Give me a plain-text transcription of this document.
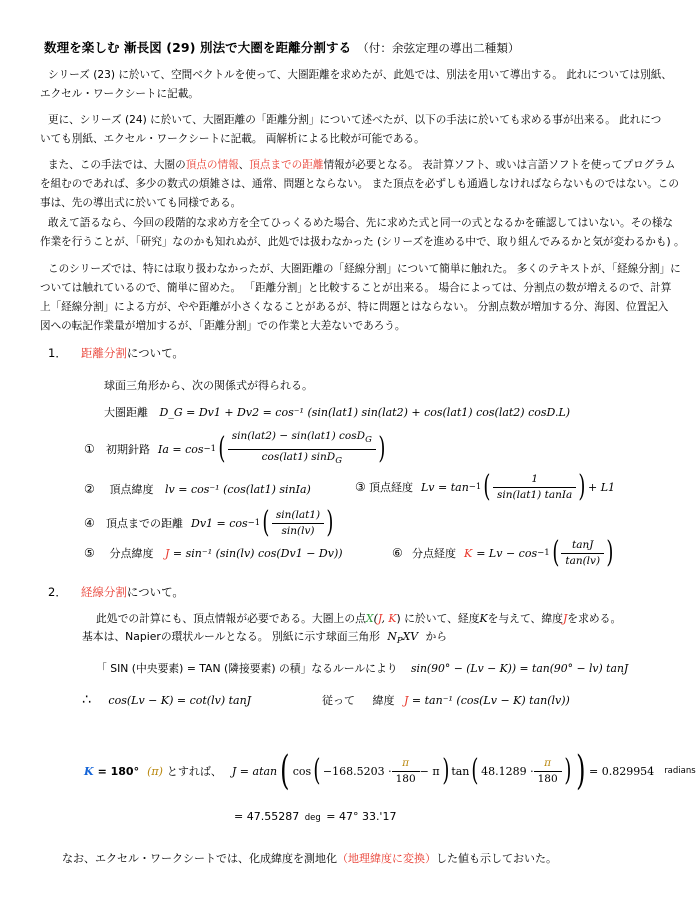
数理を楽しむ 漸長図 (29) 別法で大圏を距離分割する （付：余弦定理の導出二種類）
シリーズ (23) に於いて、空間ベクトルを使って、大圏距離を求めたが、此処では、別法を用いて導出する。 此れについては別紙、
エクセル・ワークシートに記載。
更に、シリーズ (24) に於いて、大圏距離の「距離分割」について述べたが、以下の手法に於いても求める事が出来る。 此れにつ
いても別紙、エクセル・ワークシートに記載。 両解析による比較が可能である。
また、この手法では、大圏の頂点の情報、頂点までの距離情報が必要となる。 表計算ソフト、或いは言語ソフトを使ってプログラム
を組むのであれば、多少の数式の煩雑さは、通常、問題とならない。 また頂点を必ずしも通過しなければならないものではない。この
事は、先の導出式に於いても同様である。
敢えて語るなら、今回の段階的な求め方を全てひっくるめた場合、先に求めた式と同一の式となるかを確認してはいない。その様な
作業を行うことが、「研究」なのかも知れぬが、此処では扱わなかった (シリーズを進める中で、取り組んでみるかと気が変わるかも) 。
このシリーズでは、特には取り扱わなかったが、大圏距離の「経線分割」について簡単に触れた。 多くのテキストが、「経線分割」に
ついては触れているので、簡単に留めた。 「距離分割」と比較することが出来る。 場合によっては、分割点の数が増えるので、計算
上「経線分割」による方が、やや距離が小さくなることがあるが、特に問題とはならない。 分割点数が増加する分、海図、位置記入
図への転記作業量が増加するが、「距離分割」での作業と大差ないであろう。
1． 距離分割について。
球面三角形から、次の関係式が得られる。
大圏距離 D_G = Dv1 + Dv2 = cos⁻¹ (sin(lat1) sin(lat2) + cos(lat1) cos(lat2) cosD.L)
① 初期針路 Ia = cos −1 ( $\frac{\sin(lat2) - \sin(lat1) \cos D_G}{\cos(lat1) \sin D_G}$ )
② 頂点緯度 lv = cos⁻¹ (cos(lat1) sinIa)	③ 頂点経度 Lv = tan −1 ( $\frac{1}{\text{sin(lat1) tanIa}}$ ) + L1
④ 頂点までの距離 Dv1 = cos −1 ( $\frac{\text{sin(lat1)}}{\sin(lv)}$ )
⑤ 分点緯度 J = sin⁻¹ (sin(lv) cos(Dv1 − Dv))	⑥ 分点経度 K = Lv − cos −1 ( $\frac{\tan J}{\tan(lv)}$ )
2． 経線分割について。
此処での計算にも、頂点情報が必要である。大圏上の点X(J, K) に於いて、経度Kを与えて、緯度Jを求める。
基本は、Napierの環状ルールとなる。 別紙に示す球面三角形 $N_PXV$ から
「 SIN (中央要素) = TAN (隣接要素) の積」なるルールにより sin(90° − (Lv − K)) = tan(90° − lv) tanJ
∴ cos(Lv − K) = cot(lv) tanJ	従って 緯度 J = tan⁻¹ (cos(Lv − K) tan(lv))
K = 180° (π) とすれば、 J = atan ( cos ( $-168.5203 \cdot \frac{\pi}{180} - \pi$ ) tan ( $48.1289 \cdot \frac{\pi}{180}$ ) ) = 0.829954 radians
= 47.55287 deg = 47° 33.'17
なお、エクセル・ワークシートでは、化成緯度を測地化（地理緯度に変換）した値も示しておいた。
